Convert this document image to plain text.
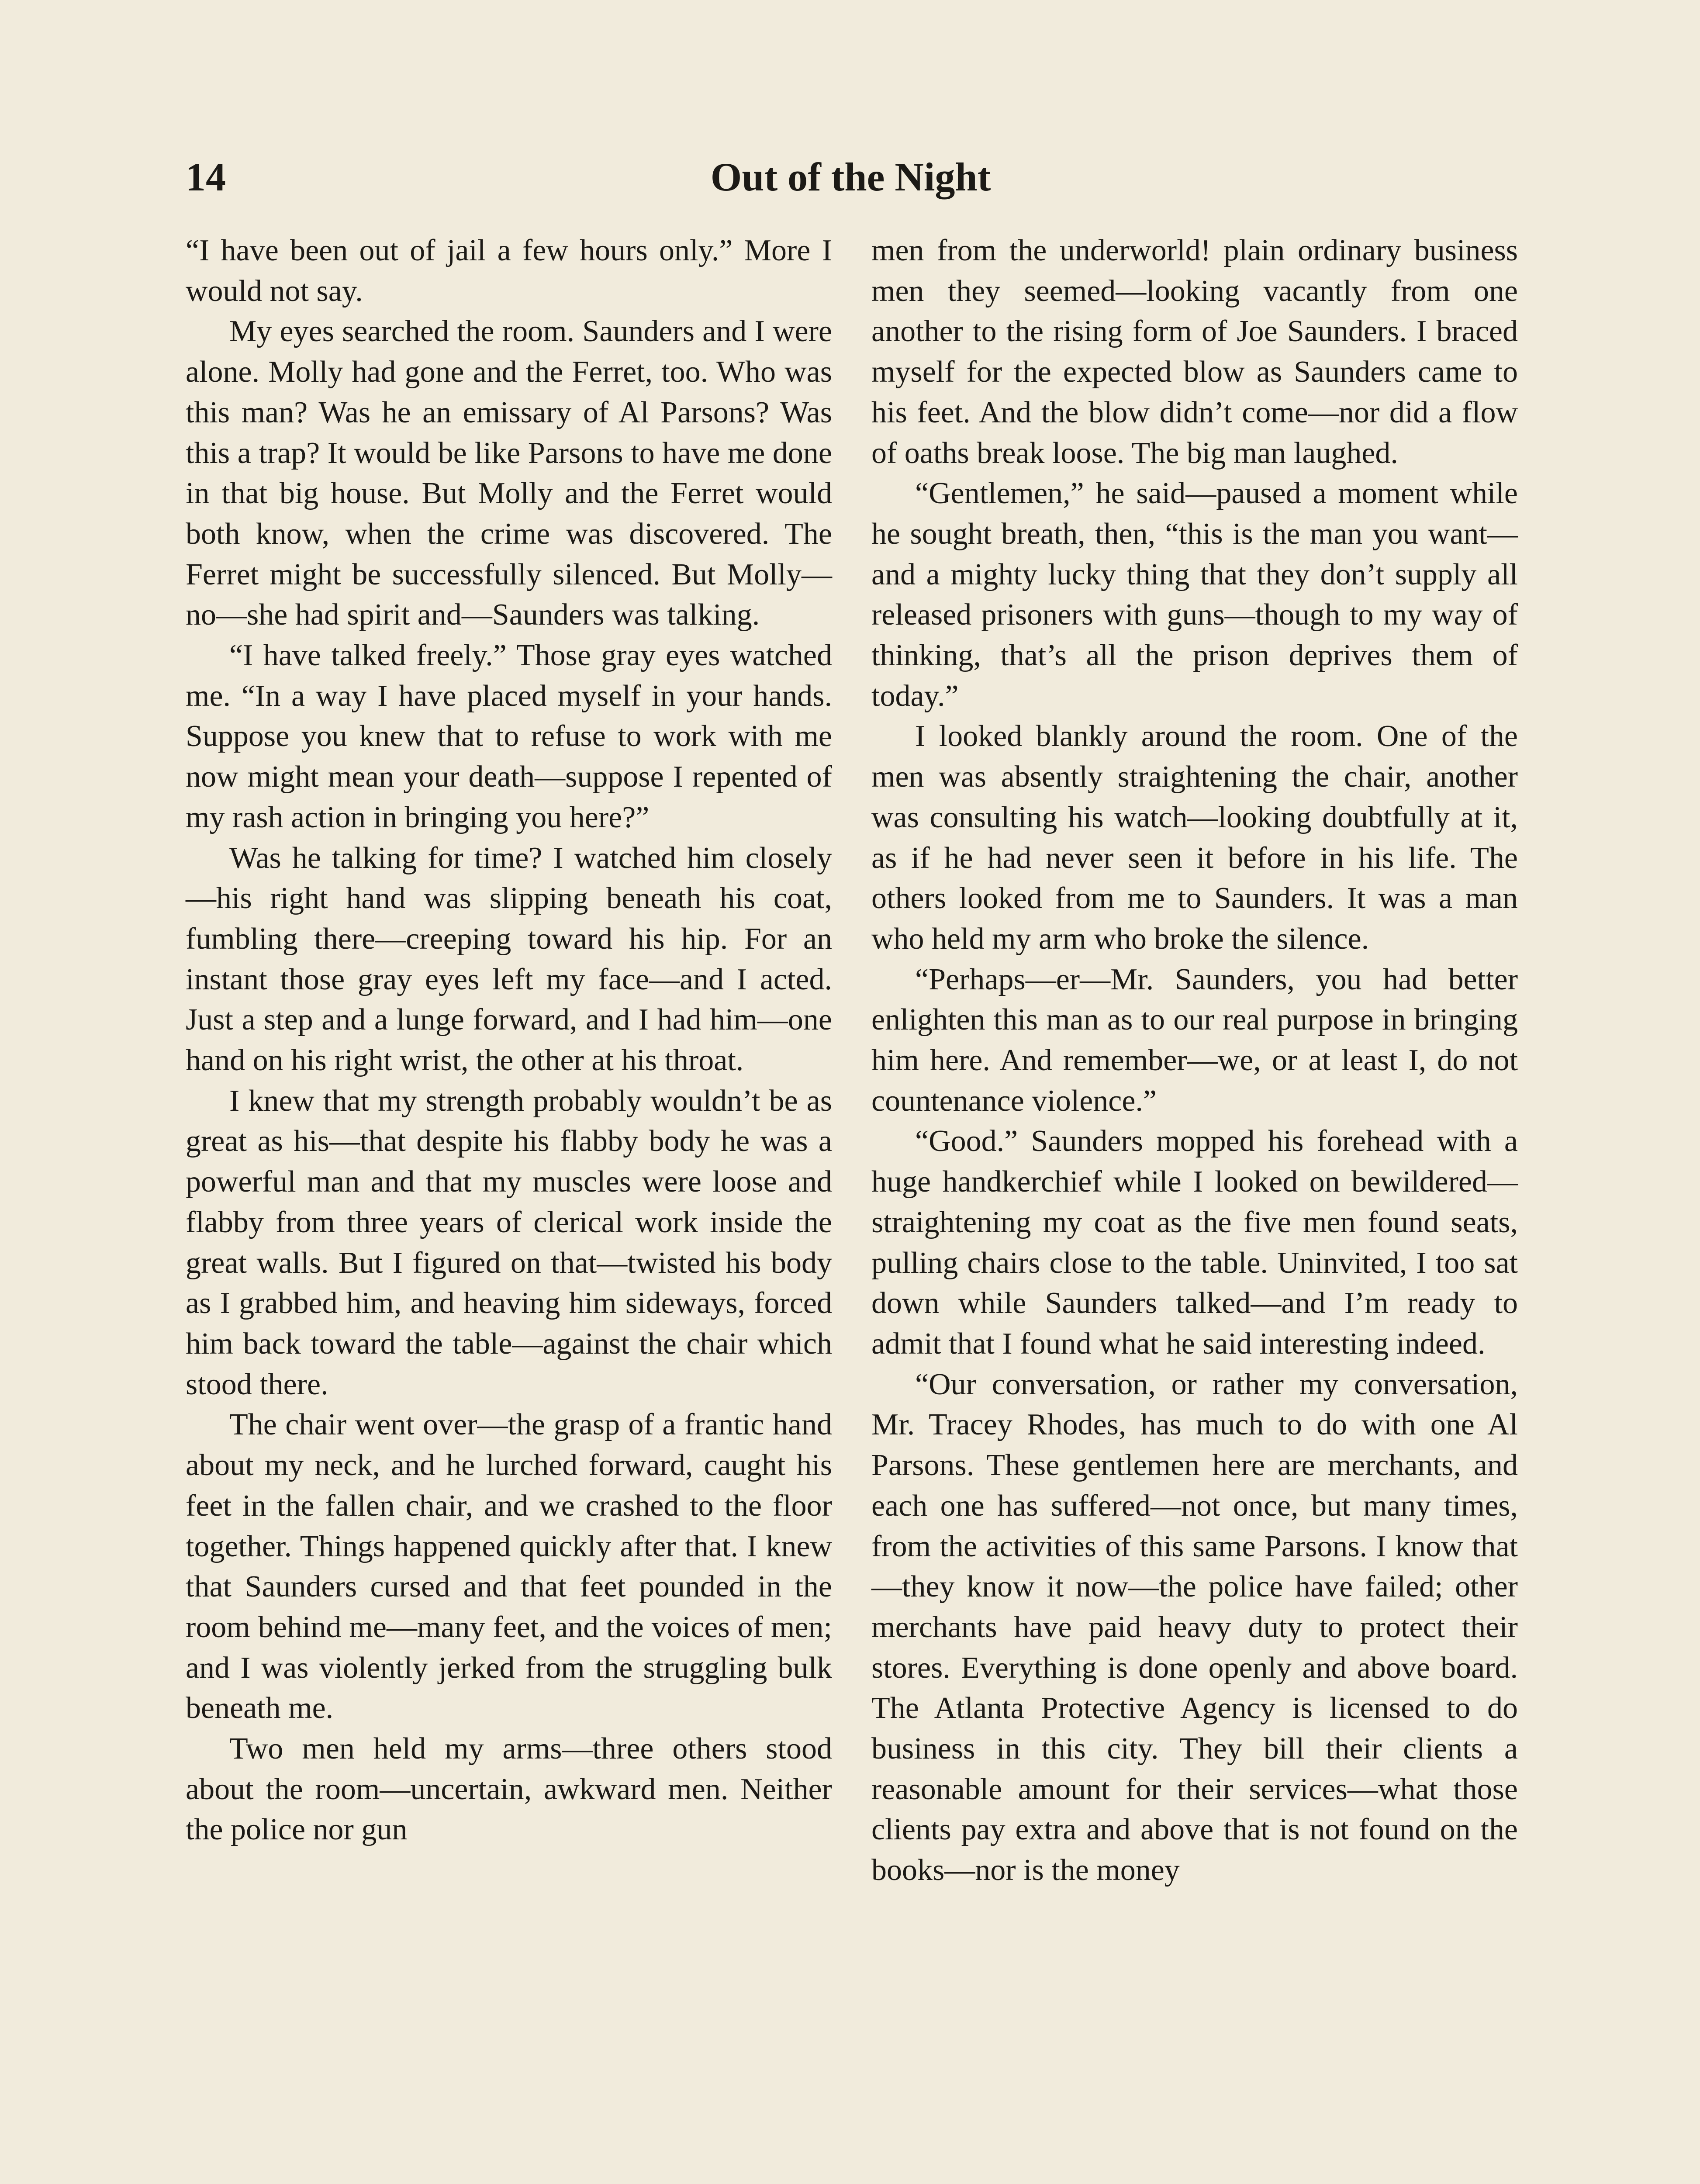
14	Out of the Night

“I have been out of jail a few hours only.” More I would not say.

My eyes searched the room. Saunders and I were alone. Molly had gone and the Ferret, too. Who was this man? Was he an emissary of Al Parsons? Was this a trap? It would be like Parsons to have me done in that big house. But Molly and the Ferret would both know, when the crime was discovered. The Ferret might be successfully silenced. But Molly—no—she had spirit and—Saunders was talking.

“I have talked freely.” Those gray eyes watched me. “In a way I have placed myself in your hands. Suppose you knew that to refuse to work with me now might mean your death—suppose I repented of my rash action in bringing you here?”

Was he talking for time? I watched him closely—his right hand was slipping beneath his coat, fumbling there—creeping toward his hip. For an instant those gray eyes left my face—and I acted. Just a step and a lunge forward, and I had him—one hand on his right wrist, the other at his throat.

I knew that my strength probably wouldn’t be as great as his—that despite his flabby body he was a powerful man and that my muscles were loose and flabby from three years of clerical work inside the great walls. But I figured on that—twisted his body as I grabbed him, and heaving him sideways, forced him back toward the table—against the chair which stood there.

The chair went over—the grasp of a frantic hand about my neck, and he lurched forward, caught his feet in the fallen chair, and we crashed to the floor together. Things happened quickly after that. I knew that Saunders cursed and that feet pounded in the room behind me—many feet, and the voices of men; and I was violently jerked from the struggling bulk beneath me.

Two men held my arms—three others stood about the room—uncertain, awkward men. Neither the police nor gun

men from the underworld! plain ordinary business men they seemed—looking vacantly from one another to the rising form of Joe Saunders. I braced myself for the expected blow as Saunders came to his feet. And the blow didn’t come—nor did a flow of oaths break loose. The big man laughed.

“Gentlemen,” he said—paused a moment while he sought breath, then, “this is the man you want—and a mighty lucky thing that they don’t supply all released prisoners with guns—though to my way of thinking, that’s all the prison deprives them of today.”

I looked blankly around the room. One of the men was absently straightening the chair, another was consulting his watch—looking doubtfully at it, as if he had never seen it before in his life. The others looked from me to Saunders. It was a man who held my arm who broke the silence.

“Perhaps—er—Mr. Saunders, you had better enlighten this man as to our real purpose in bringing him here. And remember—we, or at least I, do not countenance violence.”

“Good.” Saunders mopped his forehead with a huge handkerchief while I looked on bewildered—straightening my coat as the five men found seats, pulling chairs close to the table. Uninvited, I too sat down while Saunders talked—and I’m ready to admit that I found what he said interesting indeed.

“Our conversation, or rather my conversation, Mr. Tracey Rhodes, has much to do with one Al Parsons. These gentlemen here are merchants, and each one has suffered—not once, but many times, from the activities of this same Parsons. I know that—they know it now—the police have failed; other merchants have paid heavy duty to protect their stores. Everything is done openly and above board. The Atlanta Protective Agency is licensed to do business in this city. They bill their clients a reasonable amount for their services—what those clients pay extra and above that is not found on the books—nor is the money
